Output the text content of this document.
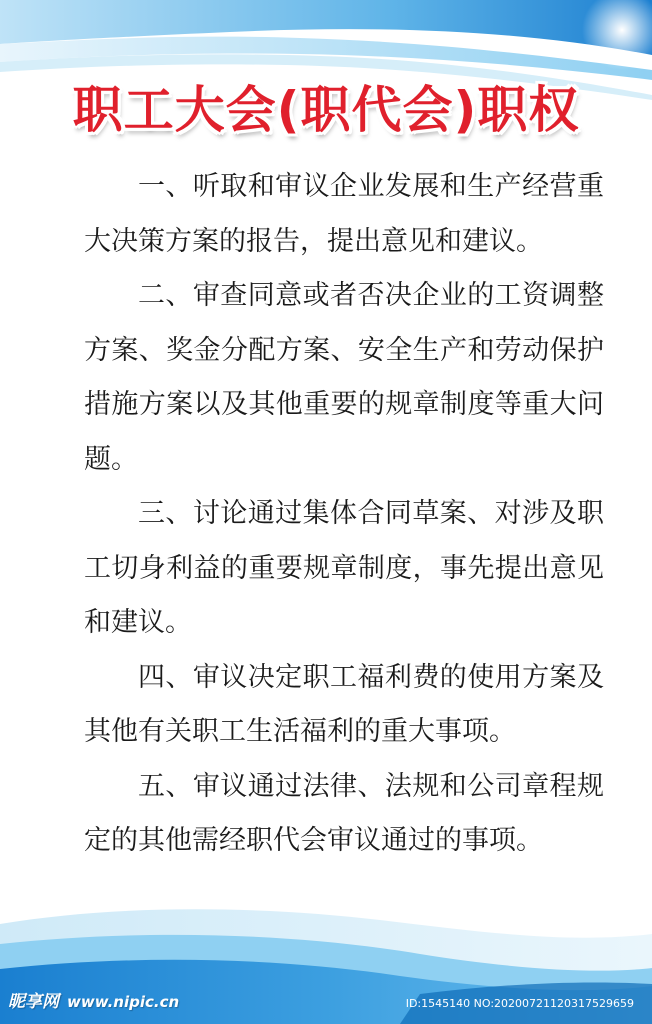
职工大会(职代会)职权

一、听取和审议企业发展和生产经营重大决策方案的报告，提出意见和建议。

二、审查同意或者否决企业的工资调整方案、奖金分配方案、安全生产和劳动保护措施方案以及其他重要的规章制度等重大问题。

三、讨论通过集体合同草案、对涉及职工切身利益的重要规章制度，事先提出意见和建议。

四、审议决定职工福利费的使用方案及其他有关职工生活福利的重大事项。

五、审议通过法律、法规和公司章程规定的其他需经职代会审议通过的事项。

昵享网 www.nipic.cn	ID:1545140 NO:20200721120317529659
